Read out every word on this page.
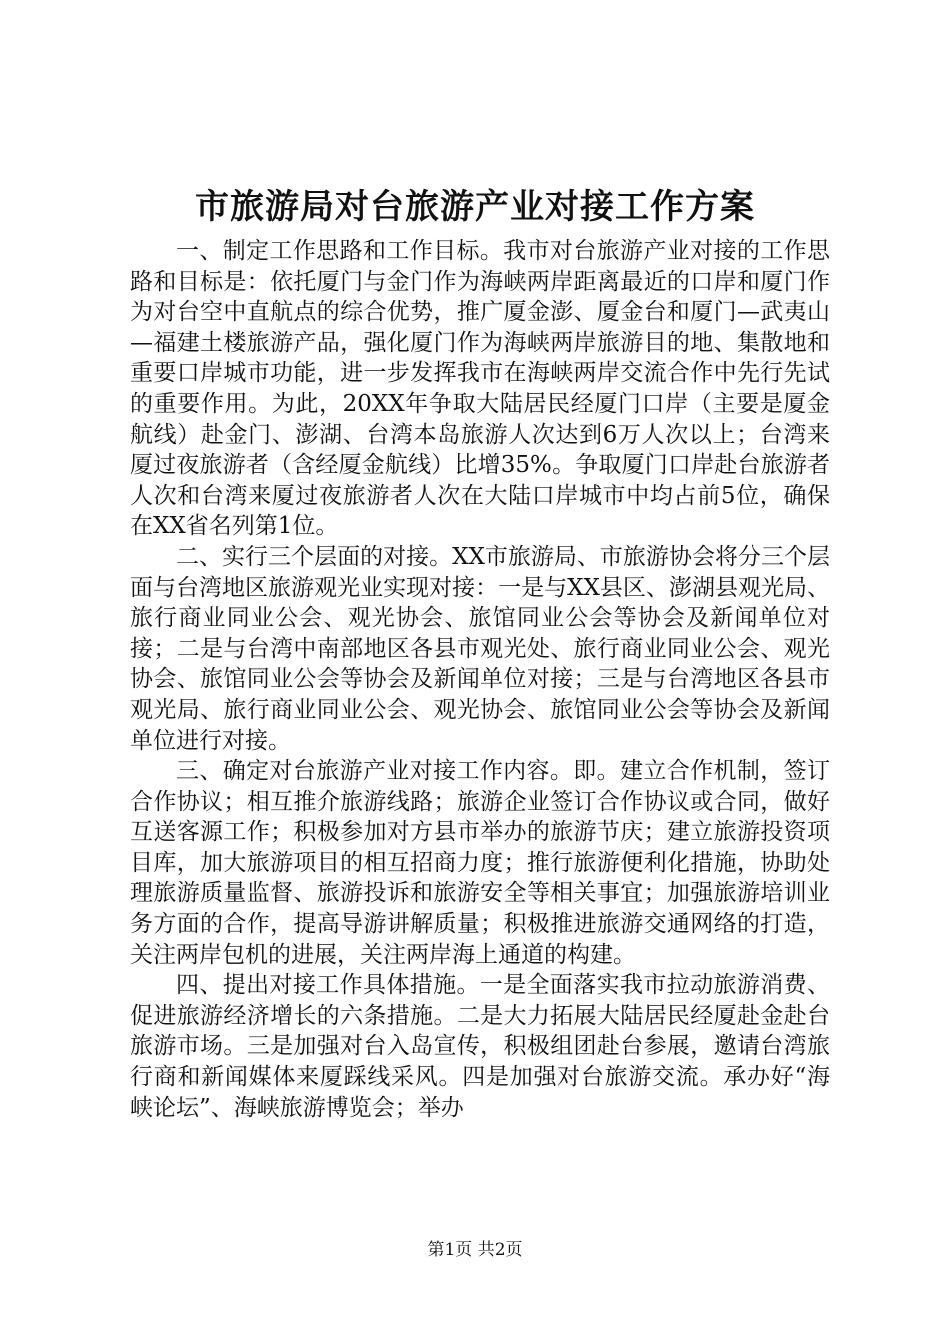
市旅游局对台旅游产业对接工作方案

一、制定工作思路和工作目标。我市对台旅游产业对接的工作思路和目标是：依托厦门与金门作为海峡两岸距离最近的口岸和厦门作为对台空中直航点的综合优势，推广厦金澎、厦金台和厦门—武夷山—福建土楼旅游产品，强化厦门作为海峡两岸旅游目的地、集散地和重要口岸城市功能，进一步发挥我市在海峡两岸交流合作中先行先试的重要作用。为此，20XX年争取大陆居民经厦门口岸（主要是厦金航线）赴金门、澎湖、台湾本岛旅游人次达到6万人次以上；台湾来厦过夜旅游者（含经厦金航线）比增35%。争取厦门口岸赴台旅游者人次和台湾来厦过夜旅游者人次在大陆口岸城市中均占前5位，确保在XX省名列第1位。

二、实行三个层面的对接。XX市旅游局、市旅游协会将分三个层面与台湾地区旅游观光业实现对接：一是与XX县区、澎湖县观光局、旅行商业同业公会、观光协会、旅馆同业公会等协会及新闻单位对接；二是与台湾中南部地区各县市观光处、旅行商业同业公会、观光协会、旅馆同业公会等协会及新闻单位对接；三是与台湾地区各县市观光局、旅行商业同业公会、观光协会、旅馆同业公会等协会及新闻单位进行对接。

三、确定对台旅游产业对接工作内容。即。建立合作机制，签订合作协议；相互推介旅游线路；旅游企业签订合作协议或合同，做好互送客源工作；积极参加对方县市举办的旅游节庆；建立旅游投资项目库，加大旅游项目的相互招商力度；推行旅游便利化措施，协助处理旅游质量监督、旅游投诉和旅游安全等相关事宜；加强旅游培训业务方面的合作，提高导游讲解质量；积极推进旅游交通网络的打造，关注两岸包机的进展，关注两岸海上通道的构建。

四、提出对接工作具体措施。一是全面落实我市拉动旅游消费、促进旅游经济增长的六条措施。二是大力拓展大陆居民经厦赴金赴台旅游市场。三是加强对台入岛宣传，积极组团赴台参展，邀请台湾旅行商和新闻媒体来厦踩线采风。四是加强对台旅游交流。承办好“海峡论坛”、海峡旅游博览会；举办

第1页 共2页
